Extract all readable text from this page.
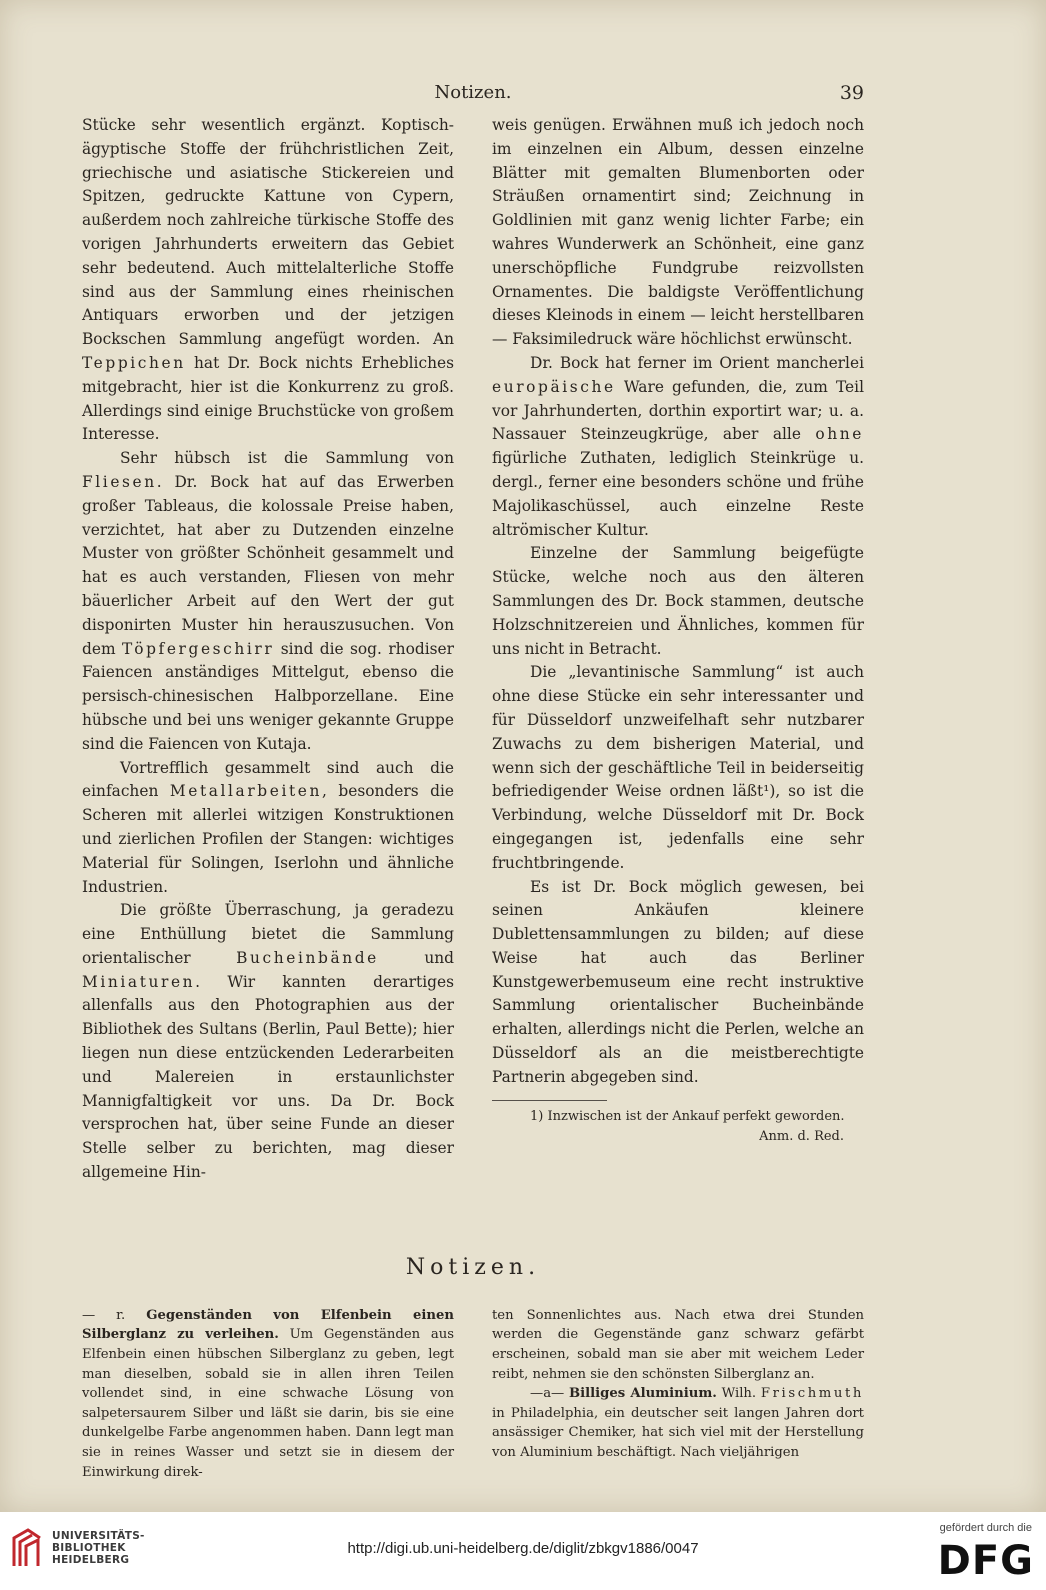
Notizen.	39

Stücke sehr wesentlich ergänzt. Koptisch-ägyptische Stoffe der frühchristlichen Zeit, griechische und asiatische Stickereien und Spitzen, gedruckte Kattune von Cypern, außerdem noch zahlreiche türkische Stoffe des vorigen Jahrhunderts erweitern das Gebiet sehr bedeutend. Auch mittelalterliche Stoffe sind aus der Sammlung eines rheinischen Antiquars erworben und der jetzigen Bockschen Sammlung angefügt worden. An Teppichen hat Dr. Bock nichts Erhebliches mitgebracht, hier ist die Konkurrenz zu groß. Allerdings sind einige Bruchstücke von großem Interesse.

Sehr hübsch ist die Sammlung von Fliesen. Dr. Bock hat auf das Erwerben großer Tableaus, die kolossale Preise haben, verzichtet, hat aber zu Dutzenden einzelne Muster von größter Schönheit gesammelt und hat es auch verstanden, Fliesen von mehr bäuerlicher Arbeit auf den Wert der gut disponirten Muster hin herauszusuchen. Von dem Töpfergeschirr sind die sog. rhodiser Faiencen anständiges Mittelgut, ebenso die persisch-chinesischen Halbporzellane. Eine hübsche und bei uns weniger gekannte Gruppe sind die Faiencen von Kutaja.

Vortrefflich gesammelt sind auch die einfachen Metallarbeiten, besonders die Scheren mit allerlei witzigen Konstruktionen und zierlichen Profilen der Stangen: wichtiges Material für Solingen, Iserlohn und ähnliche Industrien.

Die größte Überraschung, ja geradezu eine Enthüllung bietet die Sammlung orientalischer Bucheinbände und Miniaturen. Wir kannten derartiges allenfalls aus den Photographien aus der Bibliothek des Sultans (Berlin, Paul Bette); hier liegen nun diese entzückenden Lederarbeiten und Malereien in erstaunlichster Mannigfaltigkeit vor uns. Da Dr. Bock versprochen hat, über seine Funde an dieser Stelle selber zu berichten, mag dieser allgemeine Hin-

weis genügen. Erwähnen muß ich jedoch noch im einzelnen ein Album, dessen einzelne Blätter mit gemalten Blumenborten oder Sträußen ornamentirt sind; Zeichnung in Goldlinien mit ganz wenig lichter Farbe; ein wahres Wunderwerk an Schönheit, eine ganz unerschöpfliche Fundgrube reizvollsten Ornamentes. Die baldigste Veröffentlichung dieses Kleinods in einem — leicht herstellbaren — Faksimiledruck wäre höchlichst erwünscht.

Dr. Bock hat ferner im Orient mancherlei europäische Ware gefunden, die, zum Teil vor Jahrhunderten, dorthin exportirt war; u. a. Nassauer Steinzeugkrüge, aber alle ohne figürliche Zuthaten, lediglich Steinkrüge u. dergl., ferner eine besonders schöne und frühe Majolikaschüssel, auch einzelne Reste altrömischer Kultur.

Einzelne der Sammlung beigefügte Stücke, welche noch aus den älteren Sammlungen des Dr. Bock stammen, deutsche Holzschnitzereien und Ähnliches, kommen für uns nicht in Betracht.

Die „levantinische Sammlung“ ist auch ohne diese Stücke ein sehr interessanter und für Düsseldorf unzweifelhaft sehr nutzbarer Zuwachs zu dem bisherigen Material, und wenn sich der geschäftliche Teil in beiderseitig befriedigender Weise ordnen läßt¹), so ist die Verbindung, welche Düsseldorf mit Dr. Bock eingegangen ist, jedenfalls eine sehr fruchtbringende.

Es ist Dr. Bock möglich gewesen, bei seinen Ankäufen kleinere Dublettensammlungen zu bilden; auf diese Weise hat auch das Berliner Kunstgewerbemuseum eine recht instruktive Sammlung orientalischer Bucheinbände erhalten, allerdings nicht die Perlen, welche an Düsseldorf als an die meistberechtigte Partnerin abgegeben sind.

1) Inzwischen ist der Ankauf perfekt geworden.

Anm. d. Red.

Notizen.

— r. Gegenständen von Elfenbein einen Silberglanz zu verleihen. Um Gegenständen aus Elfenbein einen hübschen Silberglanz zu geben, legt man dieselben, sobald sie in allen ihren Teilen vollendet sind, in eine schwache Lösung von salpetersaurem Silber und läßt sie darin, bis sie eine dunkelgelbe Farbe angenommen haben. Dann legt man sie in reines Wasser und setzt sie in diesem der Einwirkung direk-

ten Sonnenlichtes aus. Nach etwa drei Stunden werden die Gegenstände ganz schwarz gefärbt erscheinen, sobald man sie aber mit weichem Leder reibt, nehmen sie den schönsten Silberglanz an.

—a— Billiges Aluminium. Wilh. Frischmuth in Philadelphia, ein deutscher seit langen Jahren dort ansässiger Chemiker, hat sich viel mit der Herstellung von Aluminium beschäftigt. Nach vieljährigen

UNIVERSITÄTS-
BIBLIOTHEK
HEIDELBERG
http://digi.ub.uni-heidelberg.de/diglit/zbkgv1886/0047
gefördert durch die
DFG
